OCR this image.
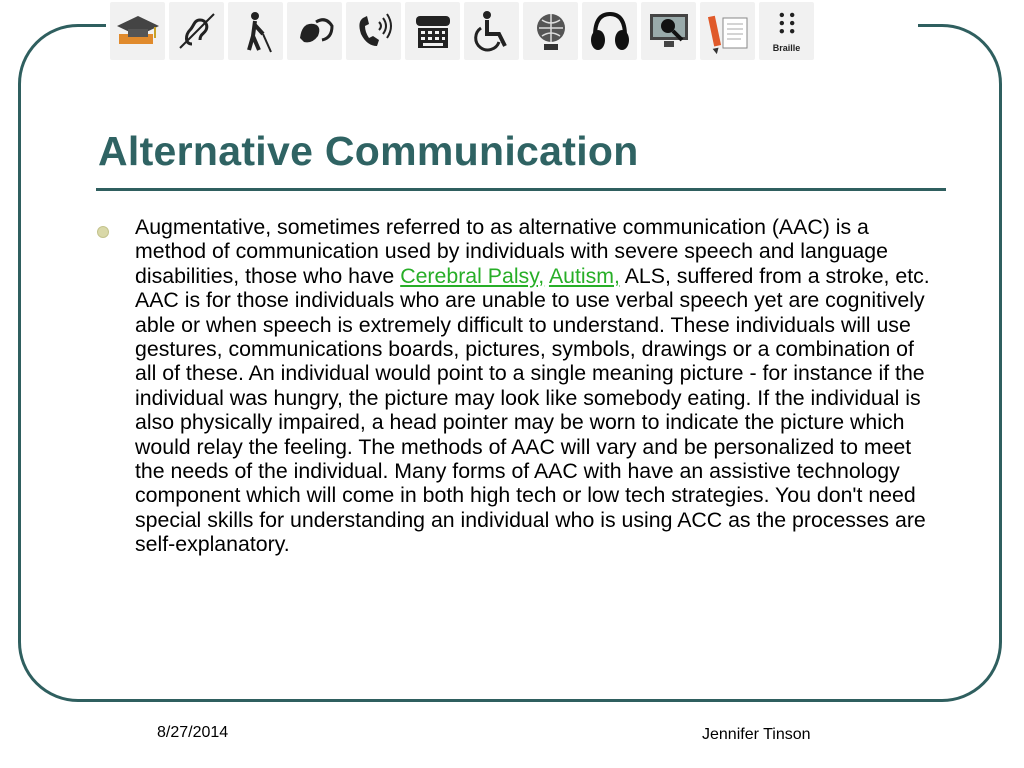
Braille
Alternative Communication

Augmentative, sometimes referred to as alternative communication (AAC) is a method of communication used by individuals with severe speech and language disabilities, those who have Cerebral Palsy, Autism, ALS, suffered from a stroke, etc. AAC is for those individuals who are unable to use verbal speech yet are cognitively able or when speech is extremely difficult to understand. These individuals will use gestures, communications boards, pictures, symbols, drawings or a combination of all of these. An individual would point to a single meaning picture - for instance if the individual was hungry, the picture may look like somebody eating. If the individual is also physically impaired, a head pointer may be worn to indicate the picture which would relay the feeling. The methods of AAC will vary and be personalized to meet the needs of the individual. Many forms of AAC with have an assistive technology component which will come in both high tech or low tech strategies. You don't need special skills for understanding an individual who is using ACC as the processes are self-explanatory.

8/27/2014	Jennifer Tinson
